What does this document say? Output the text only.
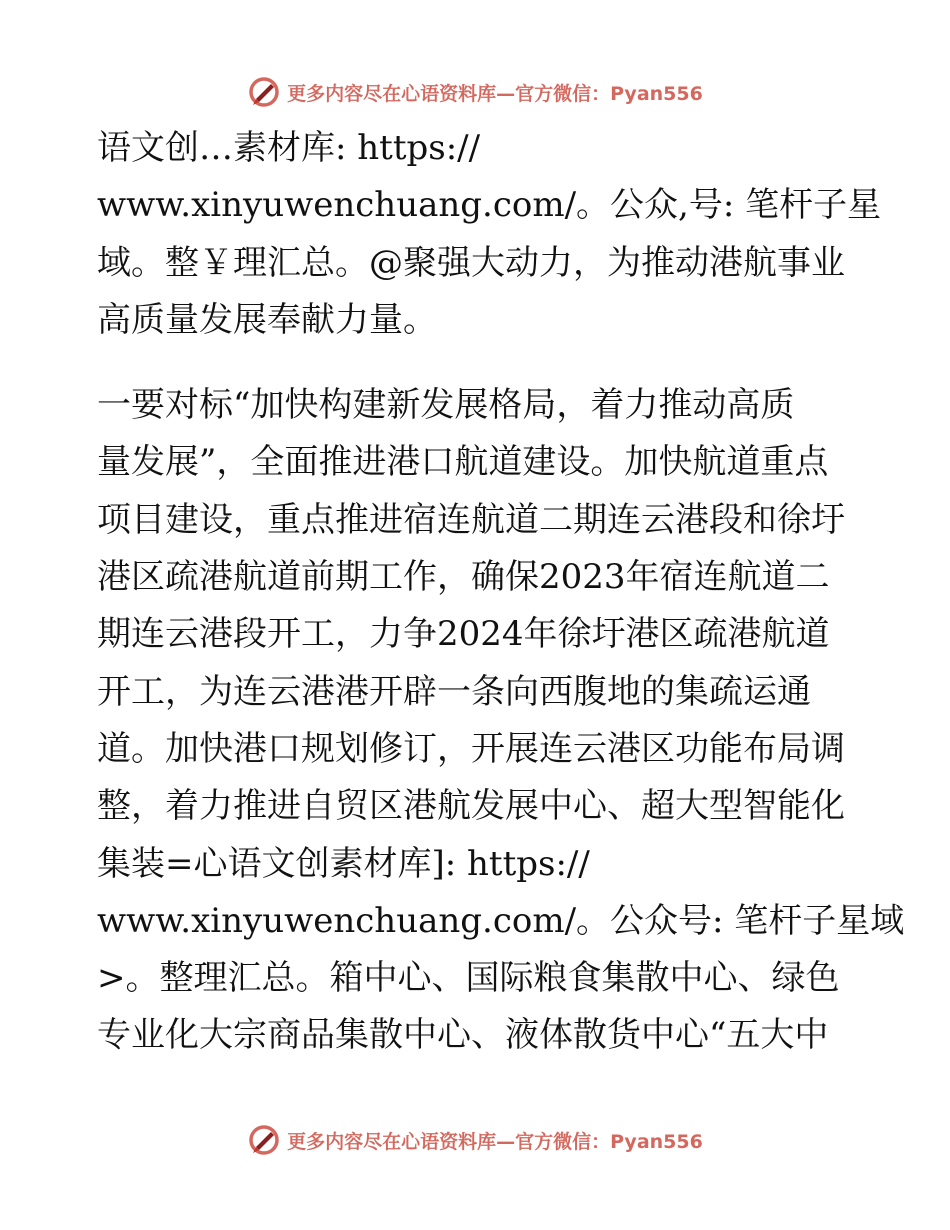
更多内容尽在心语资料库—官方微信：Pyan556
语文创…素材库: https://
www.xinyuwenchuang.com/。公众,号: 笔杆子星
域。整￥理汇总。@聚强大动力，为推动港航事业
高质量发展奉献力量。
一要对标“加快构建新发展格局，着力推动高质
量发展”，全面推进港口航道建设。加快航道重点
项目建设，重点推进宿连航道二期连云港段和徐圩
港区疏港航道前期工作，确保2023年宿连航道二
期连云港段开工，力争2024年徐圩港区疏港航道
开工，为连云港港开辟一条向西腹地的集疏运通
道。加快港口规划修订，开展连云港区功能布局调
整，着力推进自贸区港航发展中心、超大型智能化
集装=心语文创素材库]: https://
www.xinyuwenchuang.com/。公众号: 笔杆子星域
>。整理汇总。箱中心、国际粮食集散中心、绿色
专业化大宗商品集散中心、液体散货中心“五大中
更多内容尽在心语资料库—官方微信：Pyan556
